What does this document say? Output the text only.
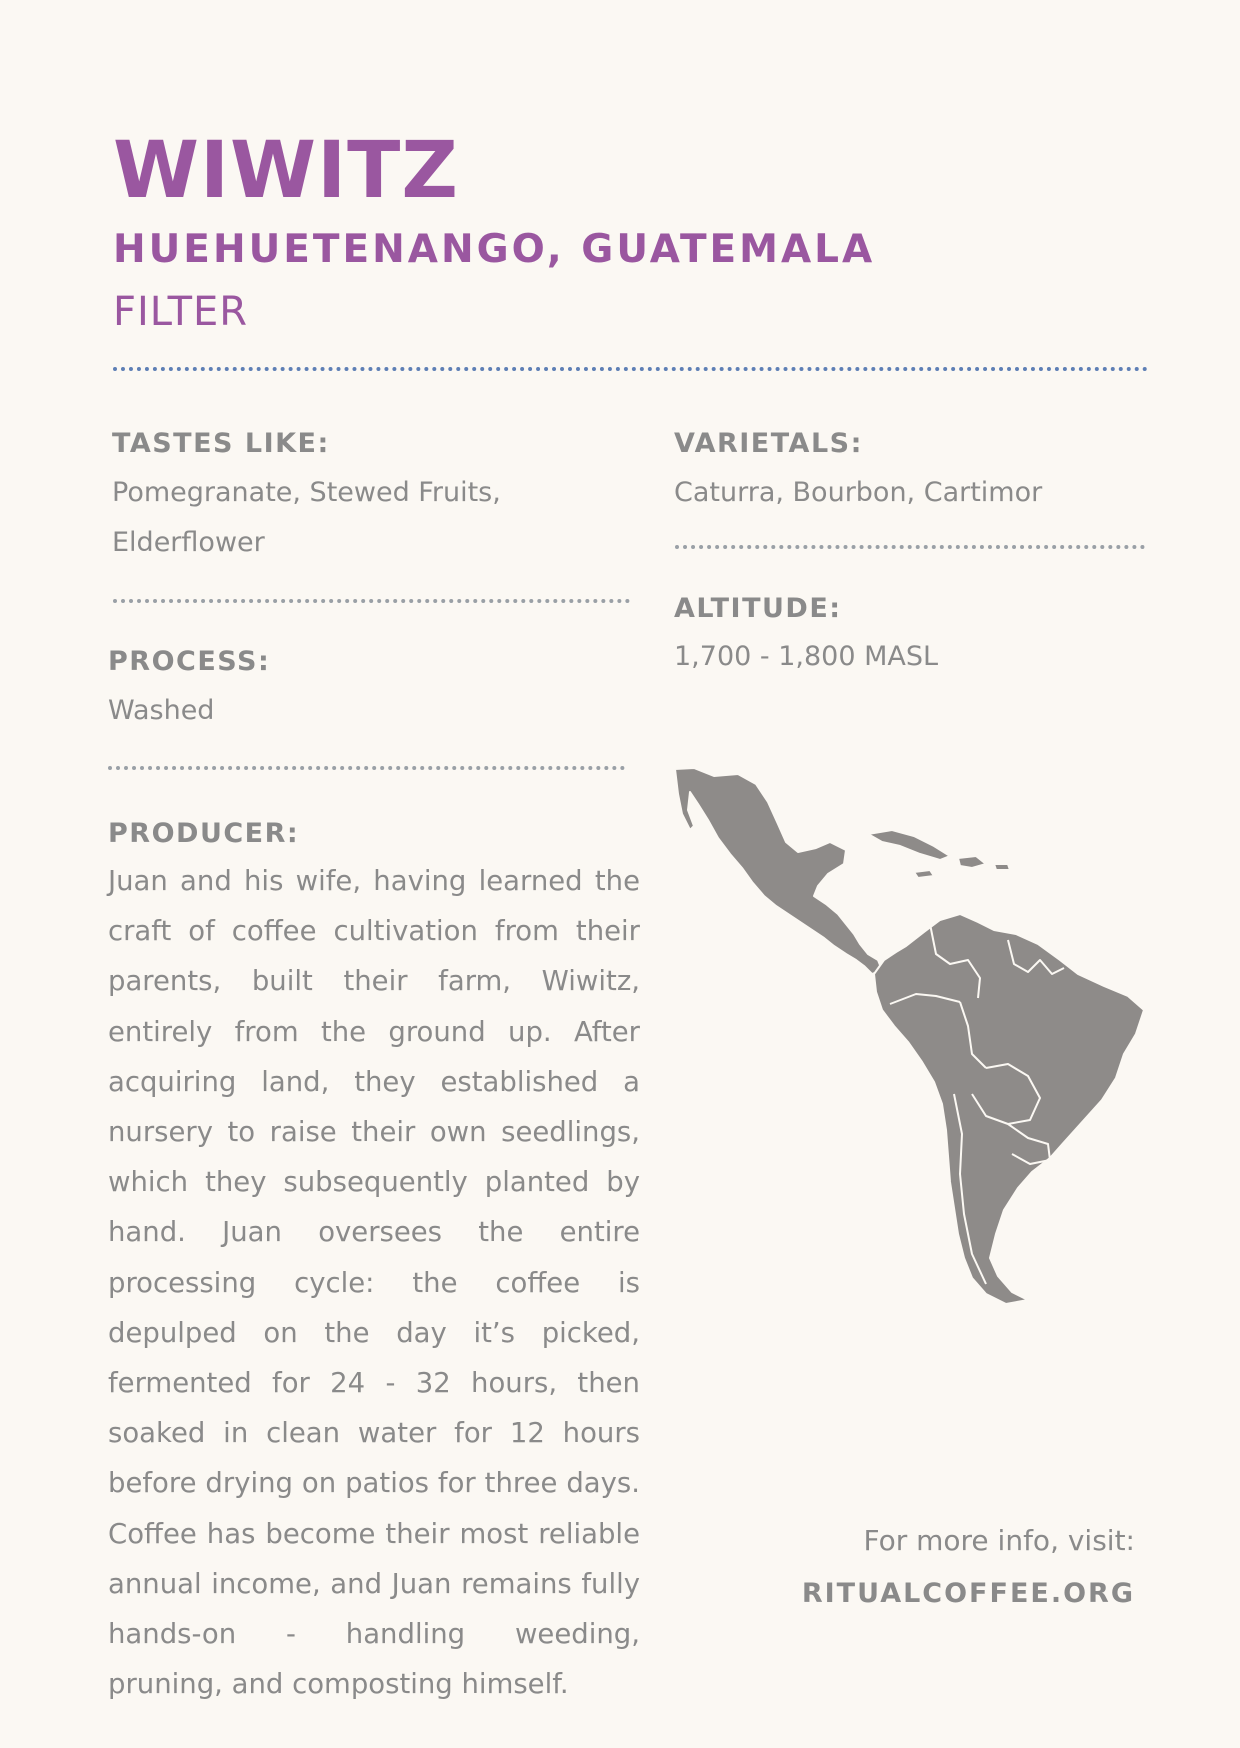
WIWITZ
HUEHUETENANGO, GUATEMALA
FILTER
TASTES LIKE:
Pomegranate, Stewed Fruits,
Elderflower
VARIETALS:
Caturra, Bourbon, Cartimor
ALTITUDE:
1,700 - 1,800 MASL
PROCESS:
Washed
PRODUCER:

Juan and his wife, having learned the craft of coffee cultivation from their parents, built their farm, Wiwitz, entirely from the ground up. After acquiring land, they established a nursery to raise their own seedlings, which they subsequently planted by hand. Juan oversees the entire processing cycle: the coffee is depulped on the day it’s picked, fermented for 24 - 32 hours, then soaked in clean water for 12 hours before drying on patios for three days. Coffee has become their most reliable annual income, and Juan remains fully hands-on - handling weeding, pruning, and composting himself.

For more info, visit:
RITUALCOFFEE.ORG
